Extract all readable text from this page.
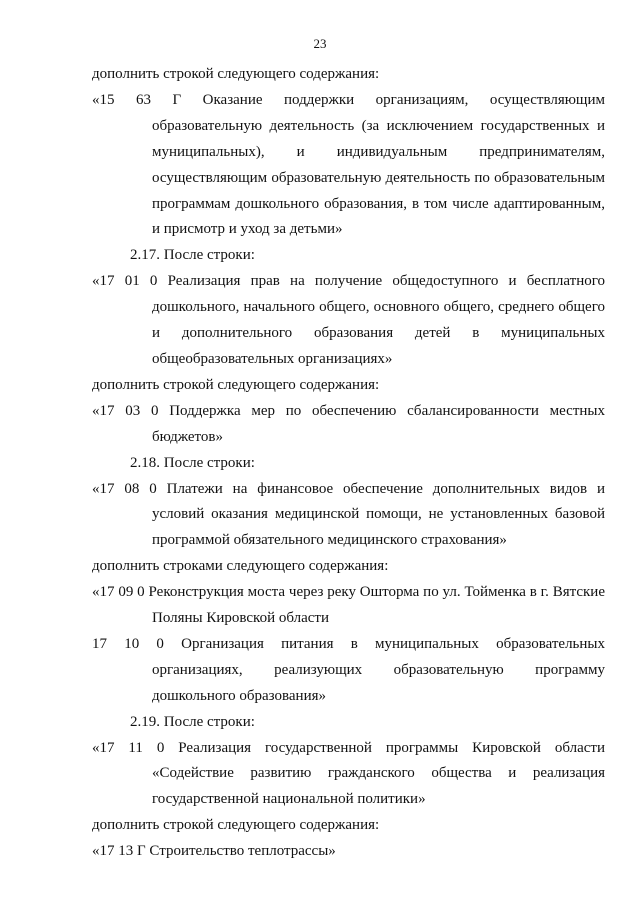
23

дополнить строкой следующего содержания:

«15 63 Г Оказание поддержки организациям, осуществляющим образовательную деятельность (за исключением государственных и муниципальных), и индивидуальным предпринимателям, осуществляющим образовательную деятельность по образовательным программам дошкольного образования, в том числе адаптированным, и присмотр и уход за детьми»

2.17. После строки:

«17 01 0 Реализация прав на получение общедоступного и бесплатного дошкольного, начального общего, основного общего, среднего общего и дополнительного образования детей в муниципальных общеобразовательных организациях»

дополнить строкой следующего содержания:

«17 03 0 Поддержка мер по обеспечению сбалансированности местных бюджетов»

2.18. После строки:

«17 08 0 Платежи на финансовое обеспечение дополнительных видов и условий оказания медицинской помощи, не установленных базовой программой обязательного медицинского страхования»

дополнить строками следующего содержания:

«17 09 0 Реконструкция моста через реку Ошторма по ул. Тойменка в г. Вятские Поляны Кировской области

17 10 0 Организация питания в муниципальных образовательных организациях, реализующих образовательную программу дошкольного образования»

2.19. После строки:

«17 11 0 Реализация государственной программы Кировской области «Содействие развитию гражданского общества и реализация государственной национальной политики»

дополнить строкой следующего содержания:

«17 13 Г Строительство теплотрассы»
